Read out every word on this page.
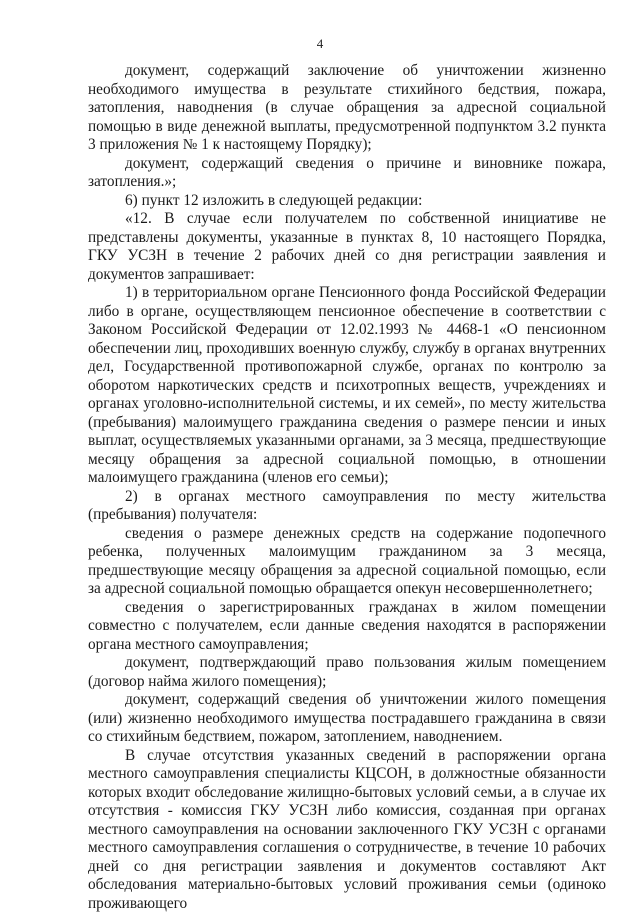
4

документ, содержащий заключение об уничтожении жизненно необходимого имущества в результате стихийного бедствия, пожара, затопления, наводнения (в случае обращения за адресной социальной помощью в виде денежной выплаты, предусмотренной подпунктом 3.2 пункта 3 приложения № 1 к настоящему Порядку);

документ, содержащий сведения о причине и виновнике пожара, затопления.»;

6) пункт 12 изложить в следующей редакции:

«12. В случае если получателем по собственной инициативе не представлены документы, указанные в пунктах 8, 10 настоящего Порядка, ГКУ УСЗН в течение 2 рабочих дней со дня регистрации заявления и документов запрашивает:

1) в территориальном органе Пенсионного фонда Российской Федерации либо в органе, осуществляющем пенсионное обеспечение в соответствии с Законом Российской Федерации от 12.02.1993 № 4468-1 «О пенсионном обеспечении лиц, проходивших военную службу, службу в органах внутренних дел, Государственной противопожарной службе, органах по контролю за оборотом наркотических средств и психотропных веществ, учреждениях и органах уголовно-исполнительной системы, и их семей», по месту жительства (пребывания) малоимущего гражданина сведения о размере пенсии и иных выплат, осуществляемых указанными органами, за 3 месяца, предшествующие месяцу обращения за адресной социальной помощью, в отношении малоимущего гражданина (членов его семьи);

2) в органах местного самоуправления по месту жительства (пребывания) получателя:

сведения о размере денежных средств на содержание подопечного ребенка, полученных малоимущим гражданином за 3 месяца, предшествующие месяцу обращения за адресной социальной помощью, если за адресной социальной помощью обращается опекун несовершеннолетнего;

сведения о зарегистрированных гражданах в жилом помещении совместно с получателем, если данные сведения находятся в распоряжении органа местного самоуправления;

документ, подтверждающий право пользования жилым помещением (договор найма жилого помещения);

документ, содержащий сведения об уничтожении жилого помещения (или) жизненно необходимого имущества пострадавшего гражданина в связи со стихийным бедствием, пожаром, затоплением, наводнением.

В случае отсутствия указанных сведений в распоряжении органа местного самоуправления специалисты КЦСОН, в должностные обязанности которых входит обследование жилищно-бытовых условий семьи, а в случае их отсутствия - комиссия ГКУ УСЗН либо комиссия, созданная при органах местного самоуправления на основании заключенного ГКУ УСЗН с органами местного самоуправления соглашения о сотрудничестве, в течение 10 рабочих дней со дня регистрации заявления и документов составляют Акт обследования материально-бытовых условий проживания семьи (одиноко проживающего
